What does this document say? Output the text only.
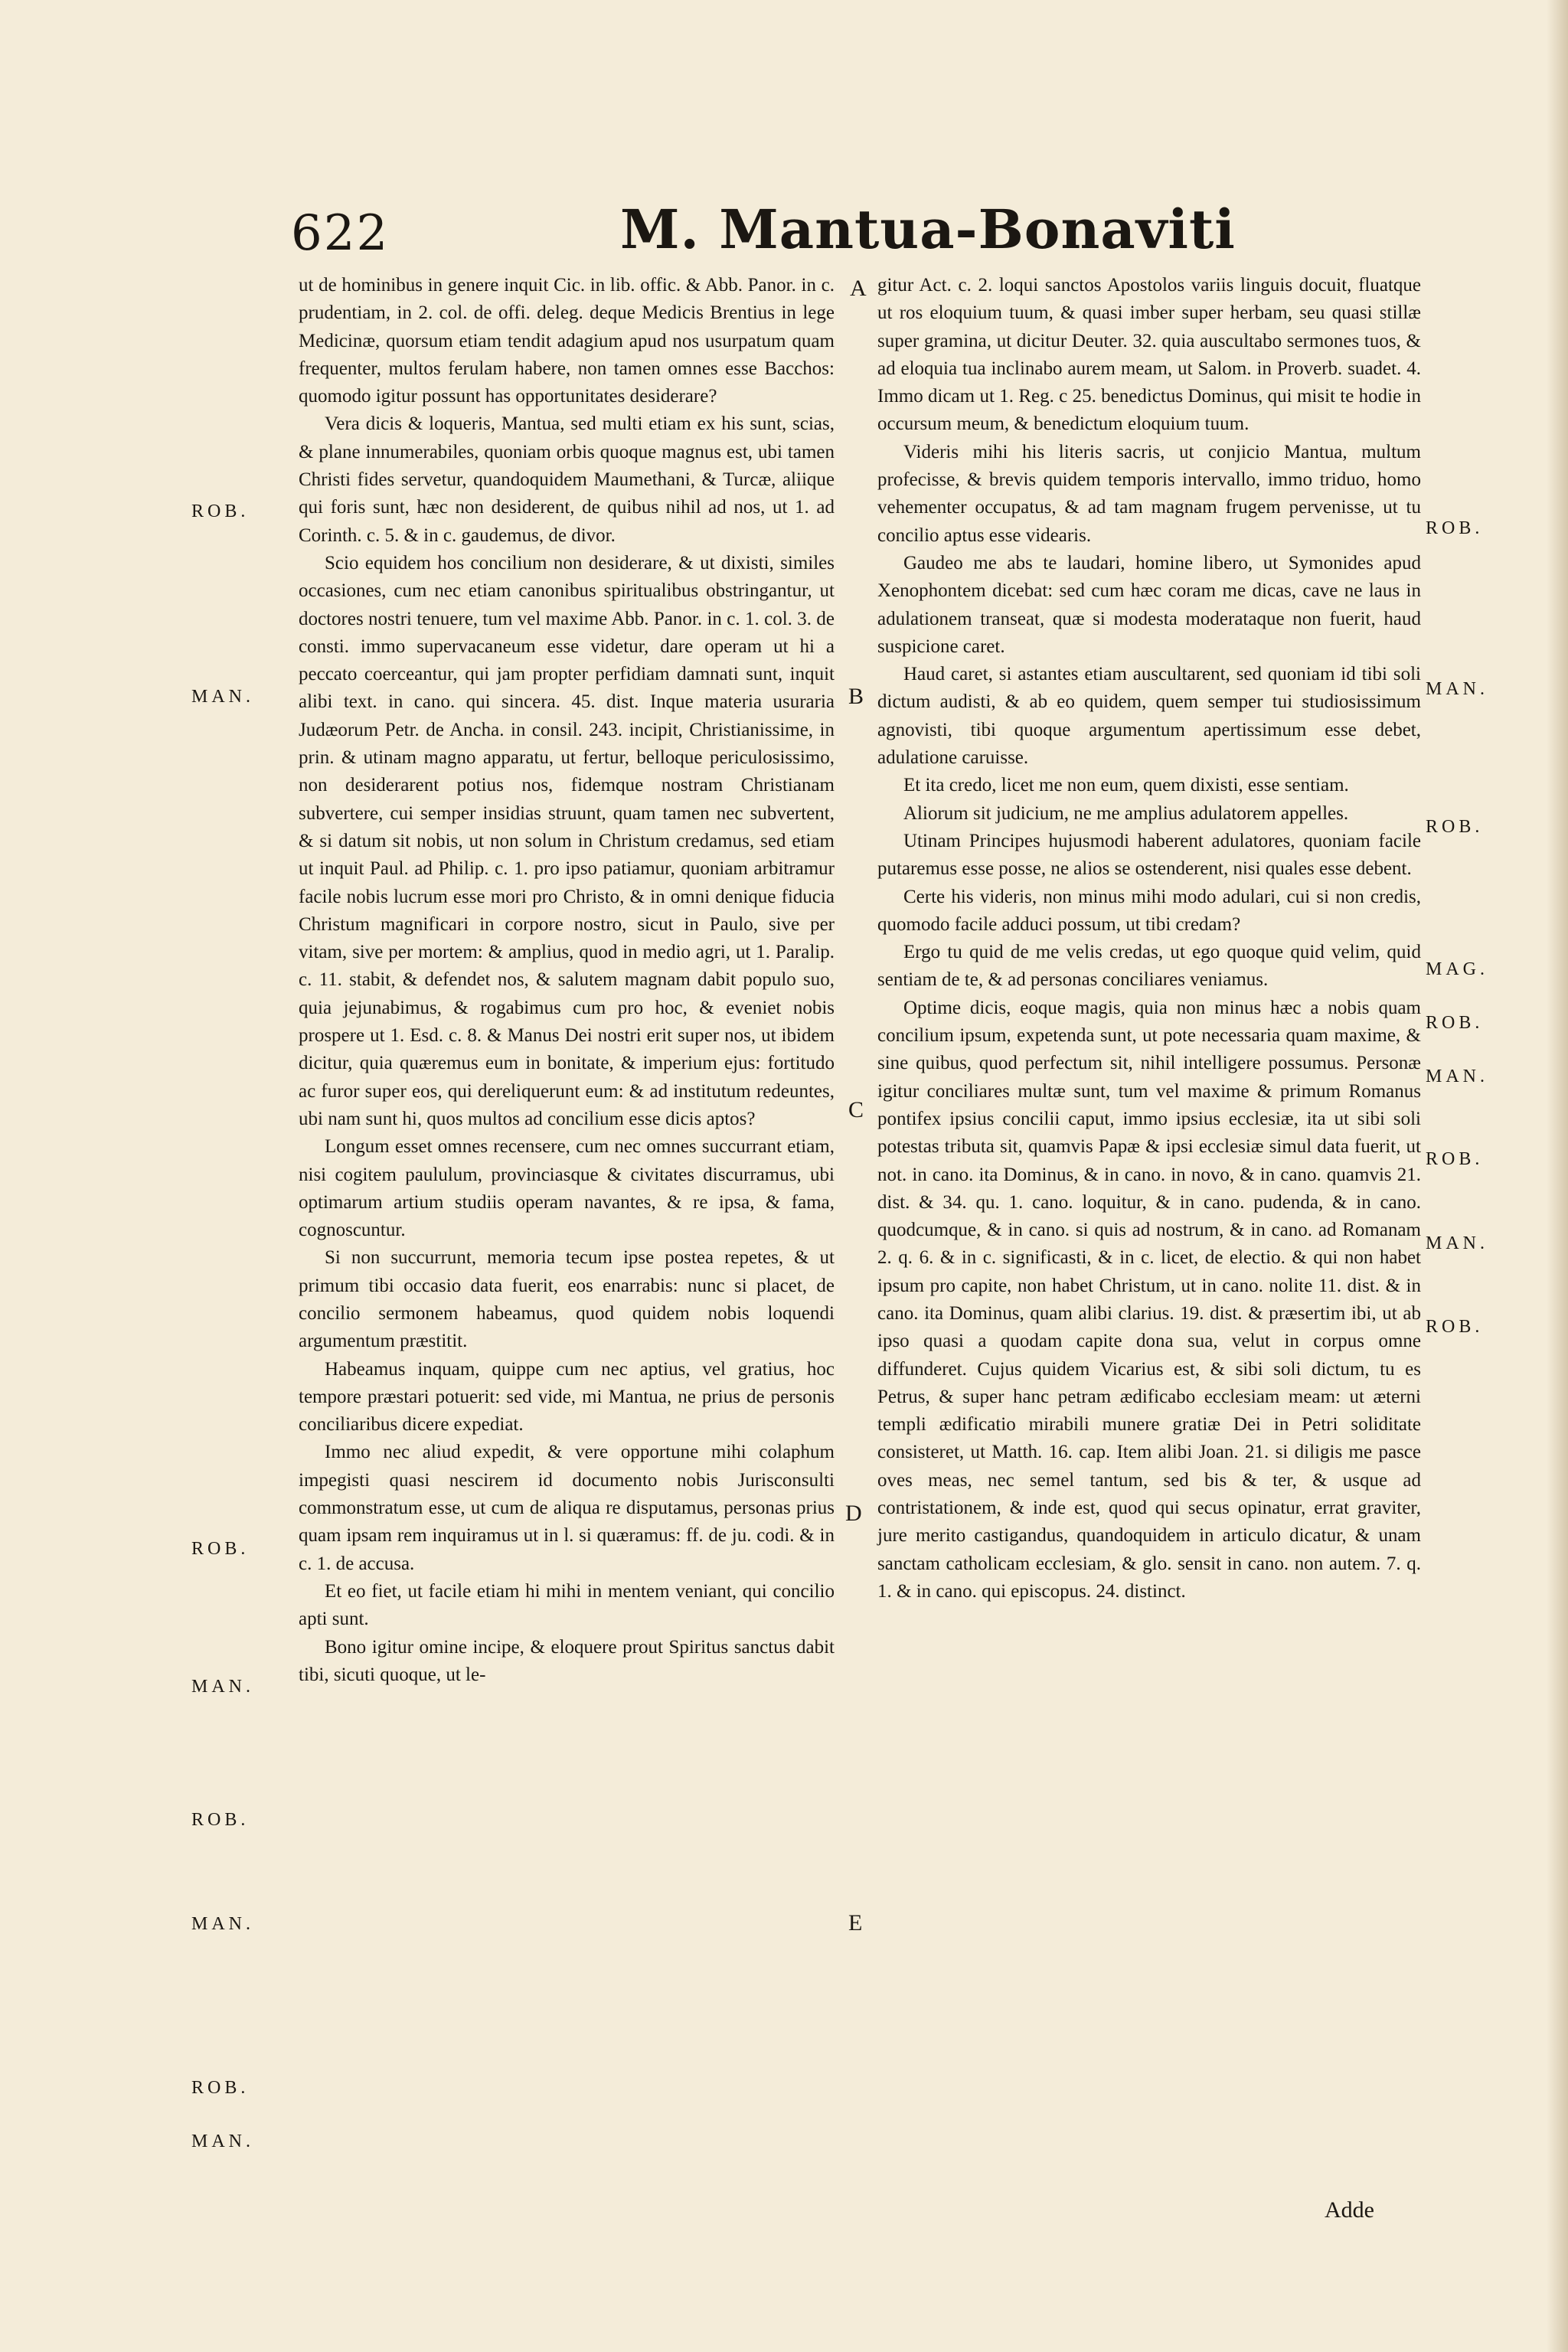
622	M. Mantua-Bonaviti
ROB.
MAN.
ROB.
MAN.
ROB.
MAN.
ROB.
MAN.
ROB.
MAN.
ROB.
MAG.
ROB.
MAN.
ROB.
MAN.
ROB.
A
B
C
D
E

ut de hominibus in genere inquit Cic. in lib. offic. & Abb. Panor. in c. prudentiam, in 2. col. de offi. deleg. deque Medicis Brentius in lege Medicinæ, quorsum etiam tendit adagium apud nos usurpatum quam frequenter, multos ferulam habere, non tamen omnes esse Bacchos: quomodo igitur possunt has opportunitates desiderare?

Vera dicis & loqueris, Mantua, sed multi etiam ex his sunt, scias, & plane innumerabiles, quoniam orbis quoque magnus est, ubi tamen Christi fides servetur, quandoquidem Maumethani, & Turcæ, aliique qui foris sunt, hæc non desiderent, de quibus nihil ad nos, ut 1. ad Corinth. c. 5. & in c. gaudemus, de divor.

Scio equidem hos concilium non desiderare, & ut dixisti, similes occasiones, cum nec etiam canonibus spiritualibus obstringantur, ut doctores nostri tenuere, tum vel maxime Abb. Panor. in c. 1. col. 3. de consti. immo supervacaneum esse videtur, dare operam ut hi a peccato coerceantur, qui jam propter perfidiam damnati sunt, inquit alibi text. in cano. qui sincera. 45. dist. Inque materia usuraria Judæorum Petr. de Ancha. in consil. 243. incipit, Christianissime, in prin. & utinam magno apparatu, ut fertur, belloque periculosissimo, non desiderarent potius nos, fidemque nostram Christianam subvertere, cui semper insidias struunt, quam tamen nec subvertent, & si datum sit nobis, ut non solum in Christum credamus, sed etiam ut inquit Paul. ad Philip. c. 1. pro ipso patiamur, quoniam arbitramur facile nobis lucrum esse mori pro Christo, & in omni denique fiducia Christum magnificari in corpore nostro, sicut in Paulo, sive per vitam, sive per mortem: & amplius, quod in medio agri, ut 1. Paralip. c. 11. stabit, & defendet nos, & salutem magnam dabit populo suo, quia jejunabimus, & rogabimus cum pro hoc, & eveniet nobis prospere ut 1. Esd. c. 8. & Manus Dei nostri erit super nos, ut ibidem dicitur, quia quæremus eum in bonitate, & imperium ejus: fortitudo ac furor super eos, qui dereliquerunt eum: & ad institutum redeuntes, ubi nam sunt hi, quos multos ad concilium esse dicis aptos?

Longum esset omnes recensere, cum nec omnes succurrant etiam, nisi cogitem paululum, provinciasque & civitates discurramus, ubi optimarum artium studiis operam navantes, & re ipsa, & fama, cognoscuntur.

Si non succurrunt, memoria tecum ipse postea repetes, & ut primum tibi occasio data fuerit, eos enarrabis: nunc si placet, de concilio sermonem habeamus, quod quidem nobis loquendi argumentum præstitit.

Habeamus inquam, quippe cum nec aptius, vel gratius, hoc tempore præstari potuerit: sed vide, mi Mantua, ne prius de personis conciliaribus dicere expediat.

Immo nec aliud expedit, & vere opportune mihi colaphum impegisti quasi nescirem id documento nobis Jurisconsulti commonstratum esse, ut cum de aliqua re disputamus, personas prius quam ipsam rem inquiramus ut in l. si quæramus: ff. de ju. codi. & in c. 1. de accusa.

Et eo fiet, ut facile etiam hi mihi in mentem veniant, qui concilio apti sunt.

Bono igitur omine incipe, & eloquere prout Spiritus sanctus dabit tibi, sicuti quoque, ut le-

gitur Act. c. 2. loqui sanctos Apostolos variis linguis docuit, fluatque ut ros eloquium tuum, & quasi imber super herbam, seu quasi stillæ super gramina, ut dicitur Deuter. 32. quia auscultabo sermones tuos, & ad eloquia tua inclinabo aurem meam, ut Salom. in Proverb. suadet. 4. Immo dicam ut 1. Reg. c 25. benedictus Dominus, qui misit te hodie in occursum meum, & benedictum eloquium tuum.

Videris mihi his literis sacris, ut conjicio Mantua, multum profecisse, & brevis quidem temporis intervallo, immo triduo, homo vehementer occupatus, & ad tam magnam frugem pervenisse, ut tu concilio aptus esse videaris.

Gaudeo me abs te laudari, homine libero, ut Symonides apud Xenophontem dicebat: sed cum hæc coram me dicas, cave ne laus in adulationem transeat, quæ si modesta moderataque non fuerit, haud suspicione caret.

Haud caret, si astantes etiam auscultarent, sed quoniam id tibi soli dictum audisti, & ab eo quidem, quem semper tui studiosissimum agnovisti, tibi quoque argumentum apertissimum esse debet, adulatione caruisse.

Et ita credo, licet me non eum, quem dixisti, esse sentiam.

Aliorum sit judicium, ne me amplius adulatorem appelles.

Utinam Principes hujusmodi haberent adulatores, quoniam facile putaremus esse posse, ne alios se ostenderent, nisi quales esse debent.

Certe his videris, non minus mihi modo adulari, cui si non credis, quomodo facile adduci possum, ut tibi credam?

Ergo tu quid de me velis credas, ut ego quoque quid velim, quid sentiam de te, & ad personas conciliares veniamus.

Optime dicis, eoque magis, quia non minus hæc a nobis quam concilium ipsum, expetenda sunt, ut pote necessaria quam maxime, & sine quibus, quod perfectum sit, nihil intelligere possumus. Personæ igitur conciliares multæ sunt, tum vel maxime & primum Romanus pontifex ipsius concilii caput, immo ipsius ecclesiæ, ita ut sibi soli potestas tributa sit, quamvis Papæ & ipsi ecclesiæ simul data fuerit, ut not. in cano. ita Dominus, & in cano. in novo, & in cano. quamvis 21. dist. & 34. qu. 1. cano. loquitur, & in cano. pudenda, & in cano. quodcumque, & in cano. si quis ad nostrum, & in cano. ad Romanam 2. q. 6. & in c. significasti, & in c. licet, de electio. & qui non habet ipsum pro capite, non habet Christum, ut in cano. nolite 11. dist. & in cano. ita Dominus, quam alibi clarius. 19. dist. & præsertim ibi, ut ab ipso quasi a quodam capite dona sua, velut in corpus omne diffunderet. Cujus quidem Vicarius est, & sibi soli dictum, tu es Petrus, & super hanc petram ædificabo ecclesiam meam: ut æterni templi ædificatio mirabili munere gratiæ Dei in Petri soliditate consisteret, ut Matth. 16. cap. Item alibi Joan. 21. si diligis me pasce oves meas, nec semel tantum, sed bis & ter, & usque ad contristationem, & inde est, quod qui secus opinatur, errat graviter, jure merito castigandus, quandoquidem in articulo dicatur, & unam sanctam catholicam ecclesiam, & glo. sensit in cano. non autem. 7. q. 1. & in cano. qui episcopus. 24. distinct.

Adde
